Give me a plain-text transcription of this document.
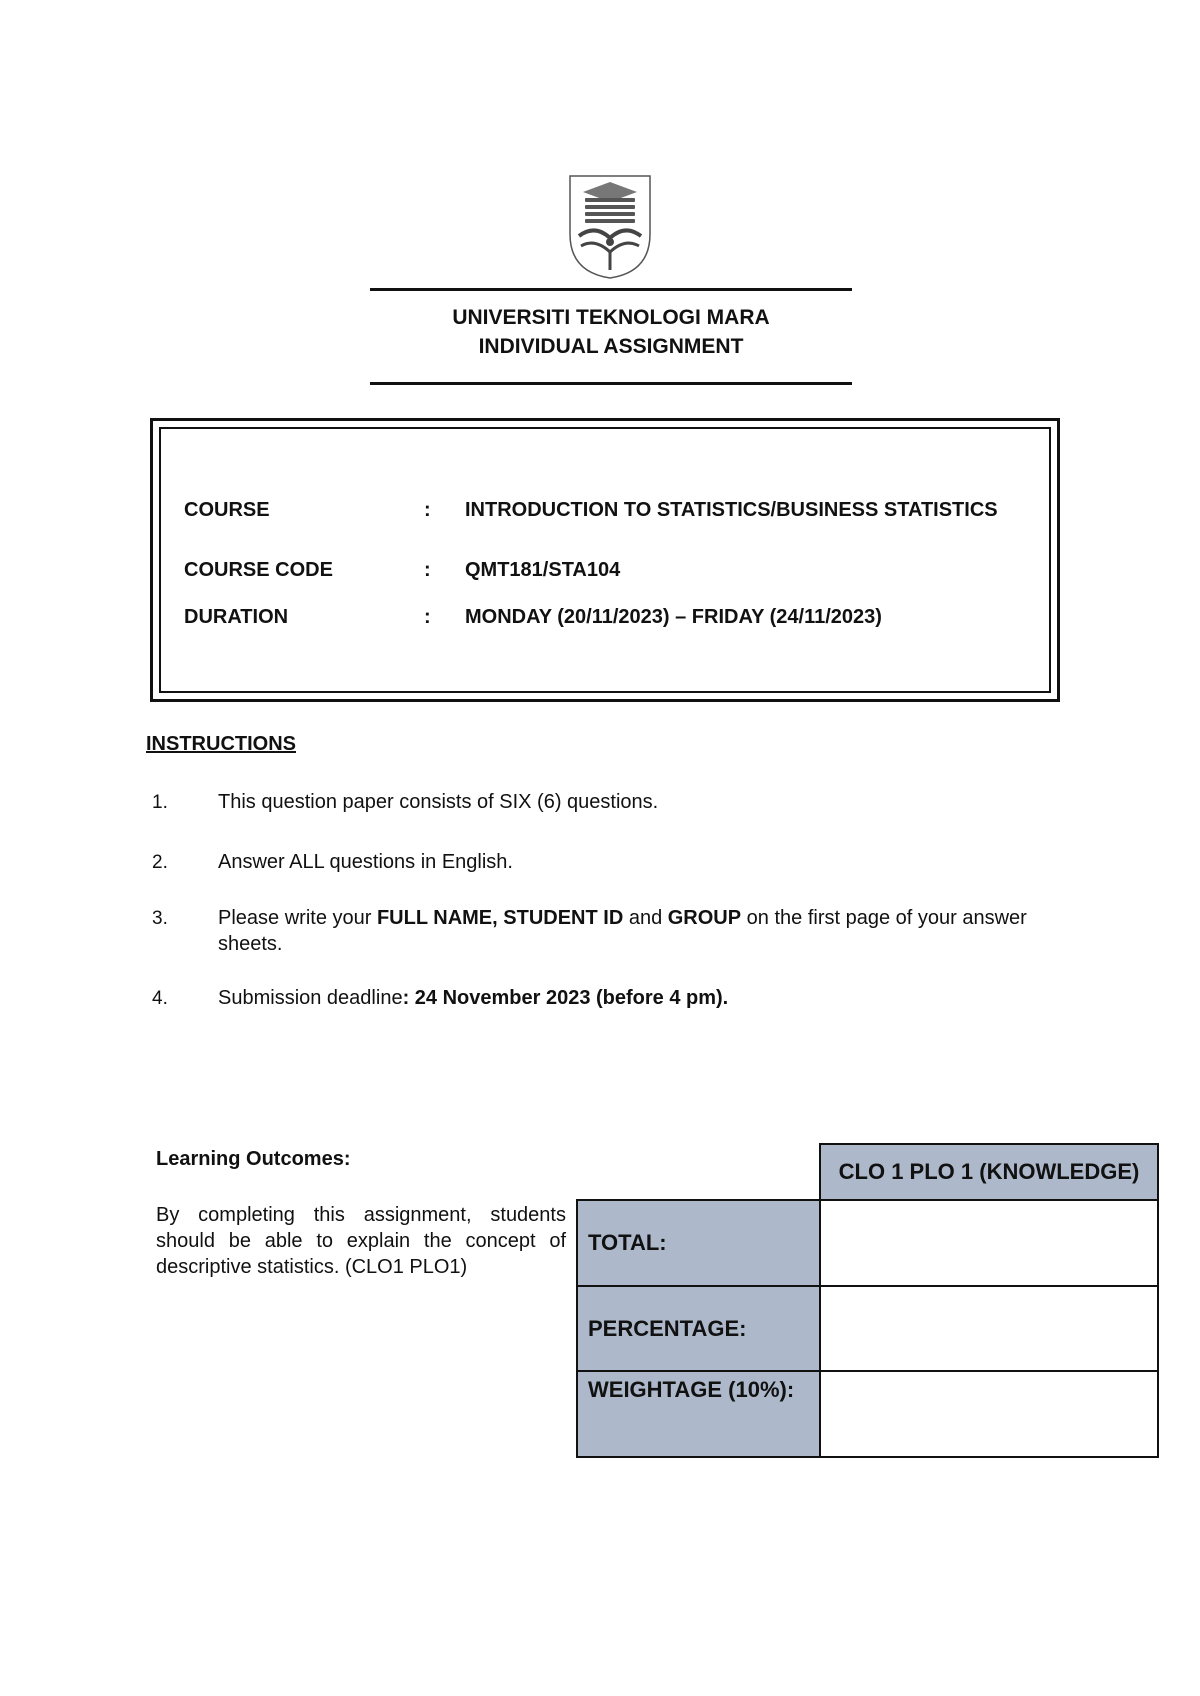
UNIVERSITI TEKNOLOGI MARA
INDIVIDUAL ASSIGNMENT
COURSE	: INTRODUCTION TO STATISTICS/BUSINESS STATISTICS
COURSE CODE	: QMT181/STA104
DURATION	: MONDAY (20/11/2023) – FRIDAY (24/11/2023)
INSTRUCTIONS
1.	This question paper consists of SIX (6) questions.
2.	Answer ALL questions in English.
3.	Please write your FULL NAME, STUDENT ID and GROUP on the first page of your answer sheets.
4.	Submission deadline: 24 November 2023 (before 4 pm).
Learning Outcomes:
By completing this assignment, students should be able to explain the concept of descriptive statistics. (CLO1 PLO1)
	CLO 1 PLO 1 (KNOWLEDGE)
TOTAL:	
PERCENTAGE:	
WEIGHTAGE (10%):	
